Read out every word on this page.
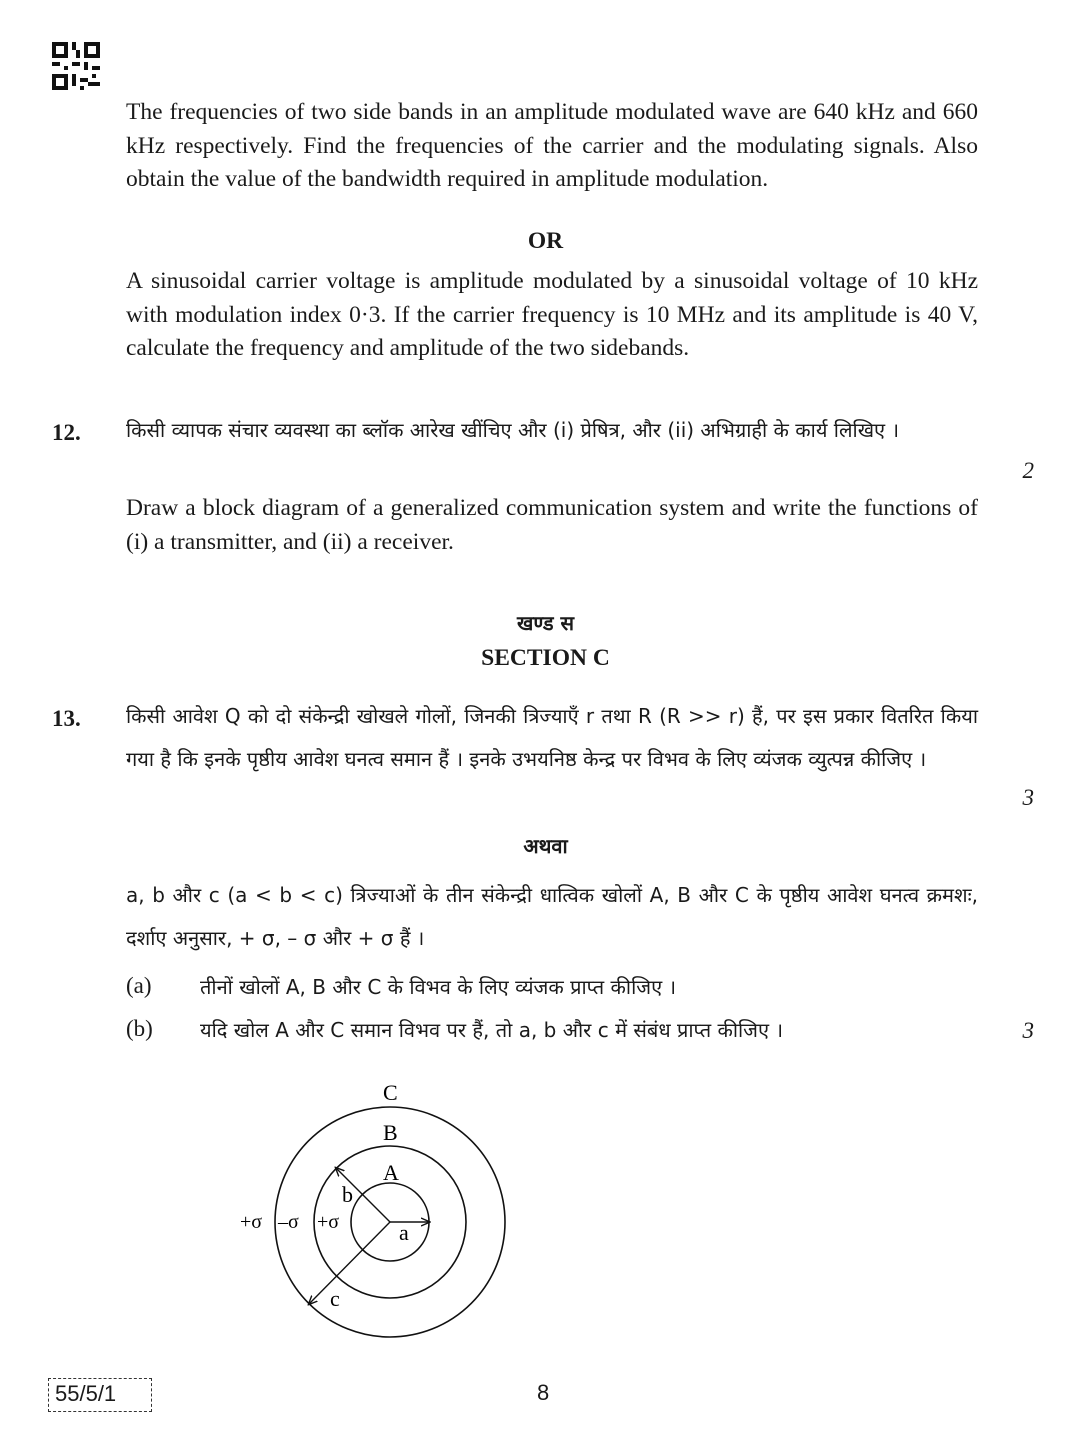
The frequencies of two side bands in an amplitude modulated wave are 640 kHz and 660 kHz respectively. Find the frequencies of the carrier and the modulating signals. Also obtain the value of the bandwidth required in amplitude modulation.
OR
A sinusoidal carrier voltage is amplitude modulated by a sinusoidal voltage of 10 kHz with modulation index 0·3. If the carrier frequency is 10 MHz and its amplitude is 40 V, calculate the frequency and amplitude of the two sidebands.
12. किसी व्यापक संचार व्यवस्था का ब्लॉक आरेख खींचिए और (i) प्रेषित्र, और (ii) अभिग्राही के कार्य लिखिए ।
2
Draw a block diagram of a generalized communication system and write the functions of (i) a transmitter, and (ii) a receiver.
खण्ड स
SECTION C
13. किसी आवेश Q को दो संकेन्द्री खोखले गोलों, जिनकी त्रिज्याएँ r तथा R (R >> r) हैं, पर इस प्रकार वितरित किया गया है कि इनके पृष्ठीय आवेश घनत्व समान हैं । इनके उभयनिष्ठ केन्द्र पर विभव के लिए व्यंजक व्युत्पन्न कीजिए ।
3
अथवा
a, b और c (a < b < c) त्रिज्याओं के तीन संकेन्द्री धात्विक खोलों A, B और C के पृष्ठीय आवेश घनत्व क्रमशः, दर्शाए अनुसार, + σ, – σ और + σ हैं ।
(a) तीनों खोलों A, B और C के विभव के लिए व्यंजक प्राप्त कीजिए ।
(b) यदि खोल A और C समान विभव पर हैं, तो a, b और c में संबंध प्राप्त कीजिए ।	3
C
B
A
a
b
c
+σ –σ +σ
55/5/1	8
